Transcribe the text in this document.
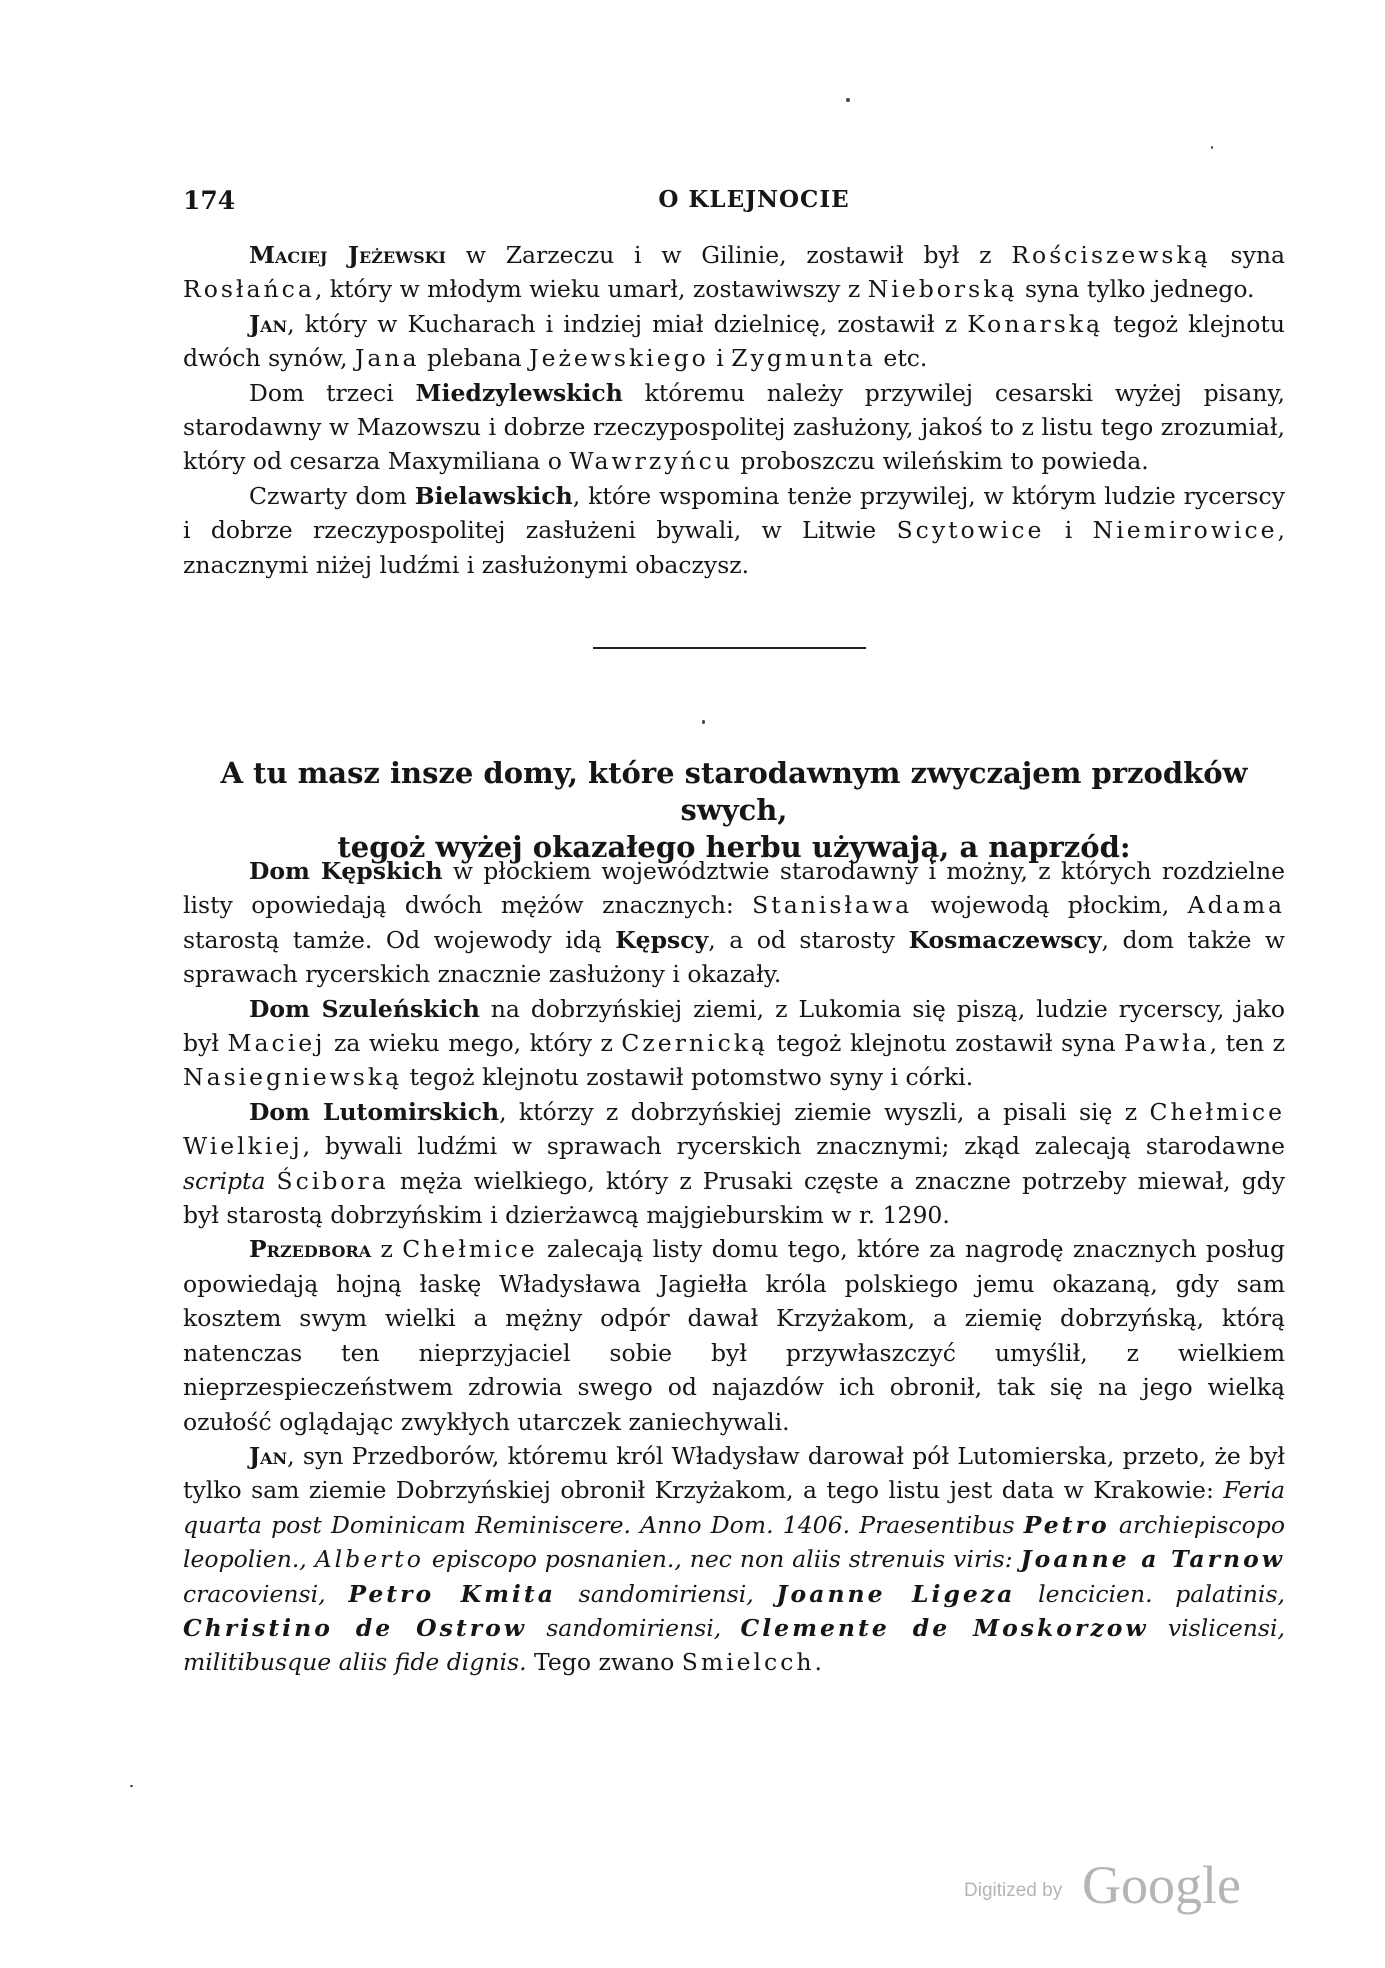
174	O KLEJNOCIE

Maciej Jeżewski w Zarzeczu i w Gilinie, zostawił był z Rościszewską syna Rosłańca, który w młodym wieku umarł, zostawiwszy z Nieborską syna tylko jednego.

Jan, który w Kucharach i indziej miał dzielnicę, zostawił z Konarską tegoż klejnotu dwóch synów, Jana plebana Jeżewskiego i Zygmunta etc.

Dom trzeci Miedzylewskich któremu należy przywilej cesarski wyżej pisany, starodawny w Mazowszu i dobrze rzeczypospolitej zasłużony, jakoś to z listu tego zrozumiał, który od cesarza Maxymiliana o Wawrzyńcu proboszczu wileńskim to powieda.

Czwarty dom Bielawskich, które wspomina tenże przywilej, w którym ludzie rycerscy i dobrze rzeczypospolitej zasłużeni bywali, w Litwie Scytowice i Niemirowice, znacznymi niżej ludźmi i zasłużonymi obaczysz.

A tu masz insze domy, które starodawnym zwyczajem przodków swych,
tegoż wyżej okazałego herbu używają, a naprzód:

Dom Kępskich w płockiem województwie starodawny i możny, z których rozdzielne listy opowiedają dwóch mężów znacznych: Stanisława wojewodą płockim, Adama starostą tamże. Od wojewody idą Kępscy, a od starosty Kosmaczewscy, dom także w sprawach rycerskich znacznie zasłużony i okazały.

Dom Szuleńskich na dobrzyńskiej ziemi, z Lukomia się piszą, ludzie rycerscy, jako był Maciej za wieku mego, który z Czernicką tegoż klejnotu zostawił syna Pawła, ten z Nasiegniewską tegoż klejnotu zostawił potomstwo syny i córki.

Dom Lutomirskich, którzy z dobrzyńskiej ziemie wyszli, a pisali się z Chełmice Wielkiej, bywali ludźmi w sprawach rycerskich znacznymi; zkąd zalecają starodawne scripta Ścibora męża wielkiego, który z Prusaki częste a znaczne potrzeby miewał, gdy był starostą dobrzyńskim i dzierżawcą majgieburskim w r. 1290.

Przedbora z Chełmice zalecają listy domu tego, które za nagrodę znacznych posług opowiedają hojną łaskę Władysława Jagiełła króla polskiego jemu okazaną, gdy sam kosztem swym wielki a mężny odpór dawał Krzyżakom, a ziemię dobrzyńską, którą natenczas ten nieprzyjaciel sobie był przywłaszczyć umyślił, z wielkiem nieprzespieczeństwem zdrowia swego od najazdów ich obronił, tak się na jego wielką ozułość oglądając zwykłych utarczek zaniechywali.

Jan, syn Przedborów, któremu król Władysław darował pół Lutomierska, przeto, że był tylko sam ziemie Dobrzyńskiej obronił Krzyżakom, a tego listu jest data w Krakowie: Feria quarta post Dominicam Reminiscere. Anno Dom. 1406. Praesentibus Petro archiepiscopo leopolien., Alberto episcopo posnanien., nec non aliis strenuis viris: Joanne a Tarnow cracoviensi, Petro Kmita sandomiriensi, Joanne Ligeza lencicien. palatinis, Christino de Ostrow sandomiriensi, Clemente de Moskorzow vislicensi, militibusque aliis fide dignis. Tego zwano Smielcch.

Digitized by Google
